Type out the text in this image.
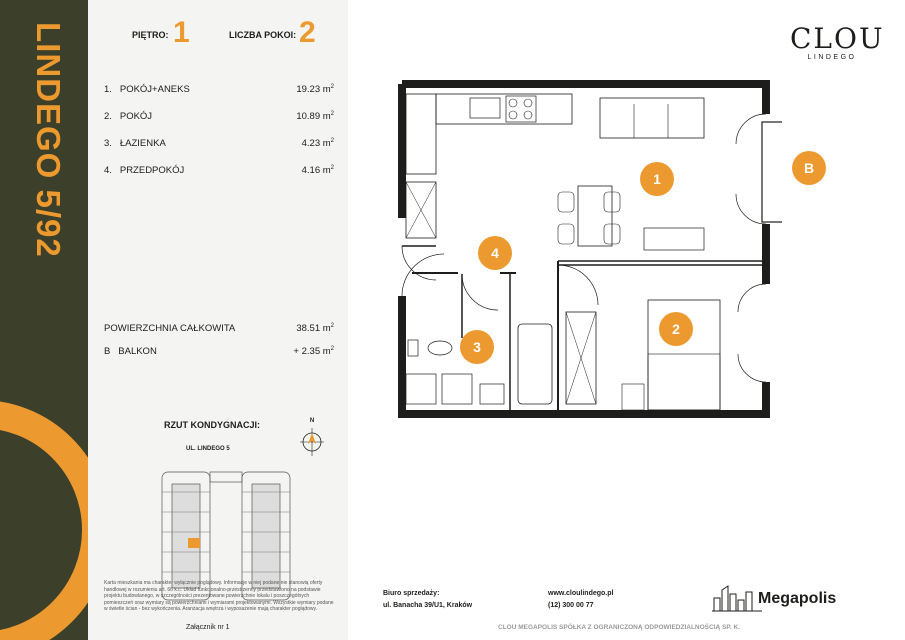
LINDEGO 5/92	PIĘTRO: 1	LICZBA POKOI: 2
1. POKÓJ+ANEKS	19.23 $m^2$
2. POKÓJ	10.89 $m^2$
3. ŁAZIENKA	4.23 $m^2$
4. PRZEDPOKÓJ	4.16 $m^2$
POWIERZCHNIA CAŁKOWITA	38.51 $m^2$
B BALKON	+ 2.35 $m^2$
RZUT KONDYGNACJI:
UL. LINDEGO 5
N
Karta mieszkania ma charakter wyłącznie poglądowy. Informacje w niej podane nie stanowią oferty handlowej w rozumieniu art. 66 k.c. Układ funkcjonalno-przestrzenny przedstawiono na podstawie projektu budowlanego, w szczególności prezentowane powierzchnie lokalu i poszczególnych pomieszczeń oraz wymiary są powierzchniami i wymiarami projektowanymi. Wszystkie wymiary podane w świetle ścian - bez wykończenia. Aranżacja wnętrza i wyposażenie mają charakter poglądowy.
Załącznik nr 1
CLOU
LINDEGO
1
2
3
4
B
Biuro sprzedaży:
ul. Banacha 39/U1, Kraków
www.cloulindego.pl
(12) 300 00 77	Megapolis
CLOU MEGAPOLIS SPÓŁKA Z OGRANICZONĄ ODPOWIEDZIALNOŚCIĄ SP. K.
